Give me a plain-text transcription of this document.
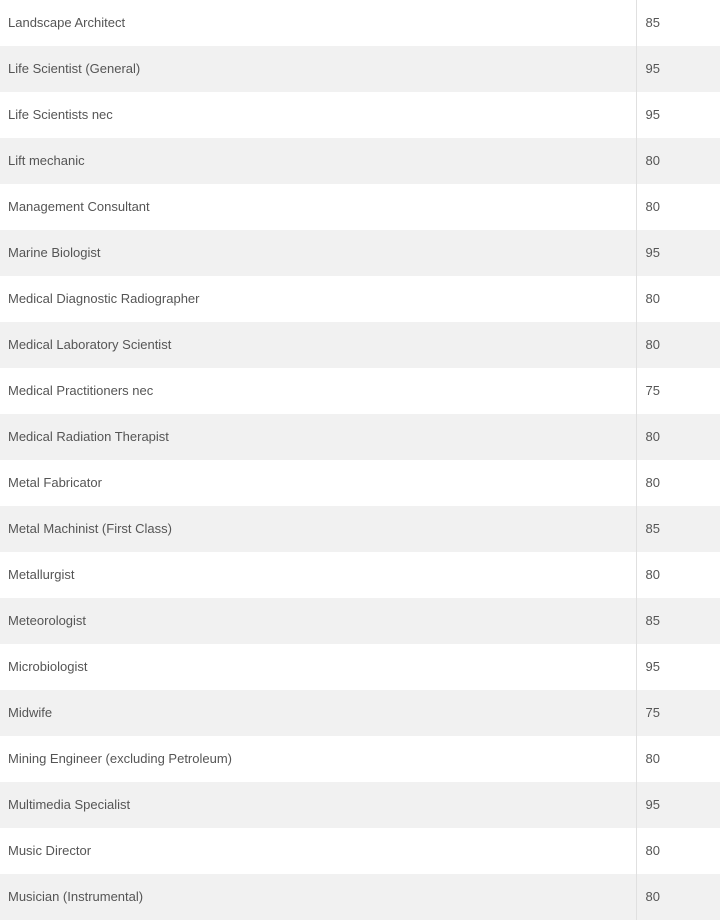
Landscape Architect	85
Life Scientist (General)	95
Life Scientists nec	95
Lift mechanic	80
Management Consultant	80
Marine Biologist	95
Medical Diagnostic Radiographer	80
Medical Laboratory Scientist	80
Medical Practitioners nec	75
Medical Radiation Therapist	80
Metal Fabricator	80
Metal Machinist (First Class)	85
Metallurgist	80
Meteorologist	85
Microbiologist	95
Midwife	75
Mining Engineer (excluding Petroleum)	80
Multimedia Specialist	95
Music Director	80
Musician (Instrumental)	80
